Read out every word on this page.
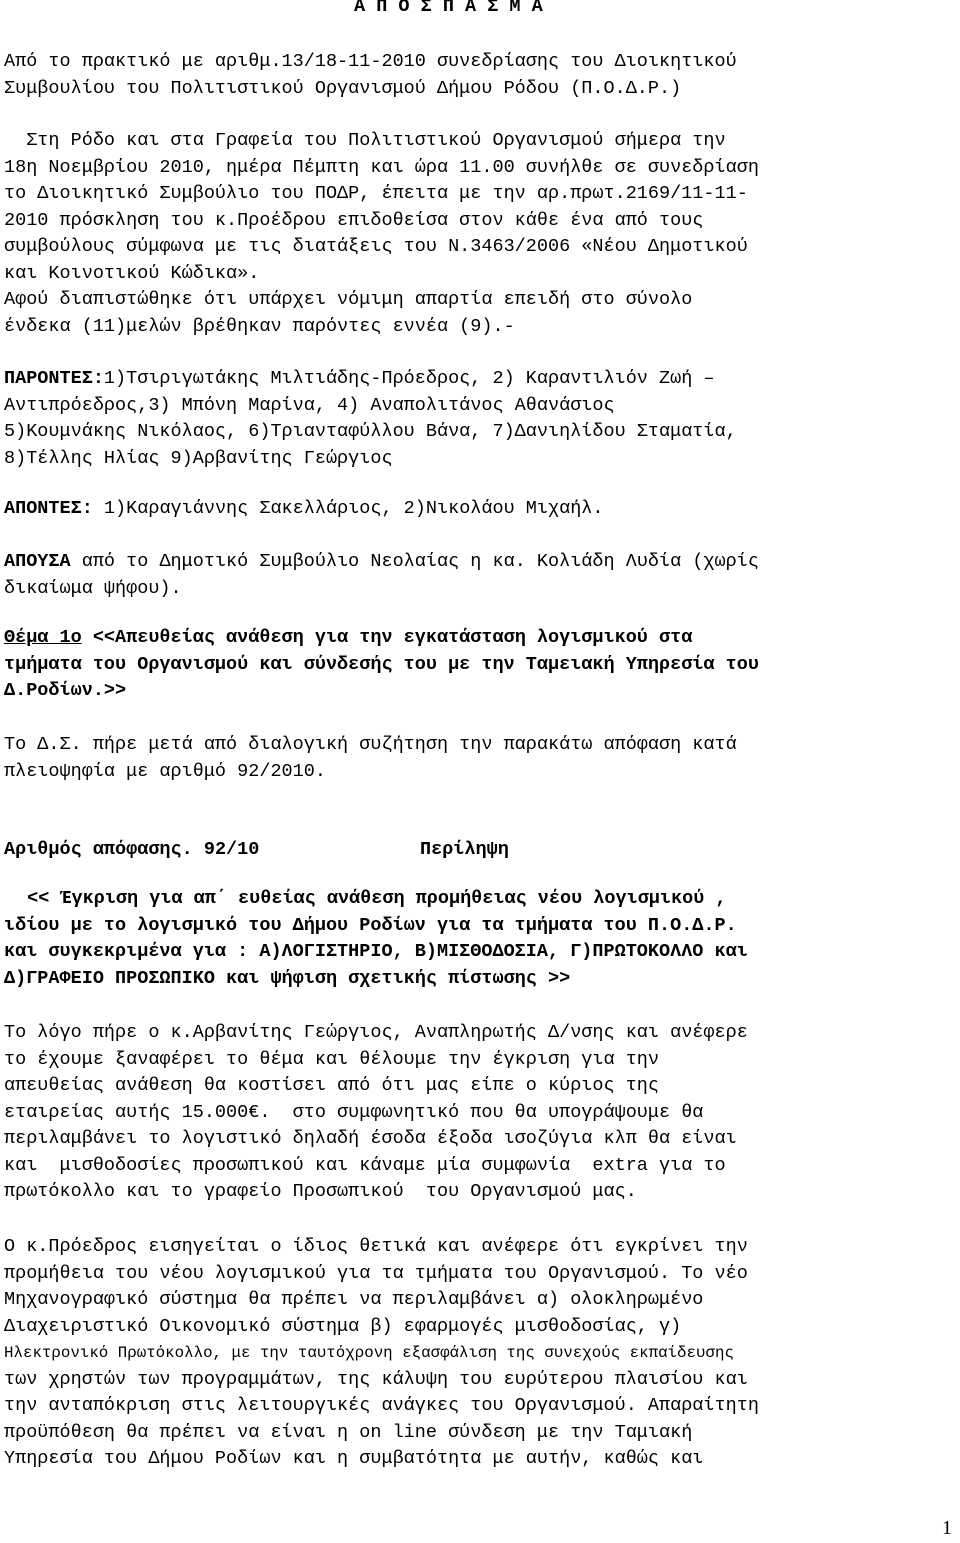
Α Π Ο Σ Π Α Σ Μ Α
Από το πρακτικό με αριθμ.13/18-11-2010 συνεδρίασης του Διοικητικού
Συμβουλίου του Πολιτιστικού Οργανισμού Δήμου Ρόδου (Π.Ο.Δ.Ρ.)
Στη Ρόδο και στα Γραφεία του Πολιτιστικού Οργανισμού σήμερα την
18η Νοεμβρίου 2010, ημέρα Πέμπτη και ώρα 11.00 συνήλθε σε συνεδρίαση
το Διοικητικό Συμβούλιο του ΠΟΔΡ, έπειτα με την αρ.πρωτ.2169/11-11-
2010 πρόσκληση του κ.Προέδρου επιδοθείσα στον κάθε ένα από τους
συμβούλους σύμφωνα με τις διατάξεις του Ν.3463/2006 «Νέου Δημοτικού
και Κοινοτικού Κώδικα».
Αφού διαπιστώθηκε ότι υπάρχει νόμιμη απαρτία επειδή στο σύνολο
ένδεκα (11)μελών βρέθηκαν παρόντες εννέα (9).-
ΠΑΡΟΝΤΕΣ:1)Τσιριγωτάκης Μιλτιάδης-Πρόεδρος, 2) Καραντιλιόν Ζωή –
Αντιπρόεδρος,3) Μπόνη Μαρίνα, 4) Αναπολιτάνος Αθανάσιος
5)Κουμνάκης Νικόλαος, 6)Τριανταφύλλου Βάνα, 7)Δανιηλίδου Σταματία,
8)Τέλλης Ηλίας 9)Αρβανίτης Γεώργιος
ΑΠΟΝΤΕΣ: 1)Καραγιάννης Σακελλάριος, 2)Νικολάου Μιχαήλ.
ΑΠΟΥΣΑ από το Δημοτικό Συμβούλιο Νεολαίας η κα. Κολιάδη Λυδία (χωρίς
δικαίωμα ψήφου).
Θέμα 1ο <<Απευθείας ανάθεση για την εγκατάσταση λογισμικού στα
τμήματα του Οργανισμού και σύνδεσής του με την Ταμειακή Υπηρεσία του
Δ.Ροδίων.>>
Το Δ.Σ. πήρε μετά από διαλογική συζήτηση την παρακάτω απόφαση κατά
πλειοψηφία με αριθμό 92/2010.
Αριθμός απόφασης. 92/10	Περίληψη
<< Έγκριση για απ΄ ευθείας ανάθεση προμήθειας νέου λογισμικού ,
ιδίου με το λογισμικό του Δήμου Ροδίων για τα τμήματα του Π.Ο.Δ.Ρ.
και συγκεκριμένα για : Α)ΛΟΓΙΣΤΗΡΙΟ, Β)ΜΙΣΘΟΔΟΣΙΑ, Γ)ΠΡΩΤΟΚΟΛΛΟ και
Δ)ΓΡΑΦΕΙΟ ΠΡΟΣΩΠΙΚΟ και ψήφιση σχετικής πίστωσης >>
Το λόγο πήρε ο κ.Αρβανίτης Γεώργιος, Αναπληρωτής Δ/νσης και ανέφερε
το έχουμε ξαναφέρει το θέμα και θέλουμε την έγκριση για την
απευθείας ανάθεση θα κοστίσει από ότι μας είπε ο κύριος της
εταιρείας αυτής 15.000€.  στο συμφωνητικό που θα υπογράψουμε θα
περιλαμβάνει το λογιστικό δηλαδή έσοδα έξοδα ισοζύγια κλπ θα είναι
και  μισθοδοσίες προσωπικού και κάναμε μία συμφωνία  extra για το
πρωτόκολλο και το γραφείο Προσωπικού  του Οργανισμού μας.
Ο κ.Πρόεδρος εισηγείται ο ίδιος θετικά και ανέφερε ότι εγκρίνει την
προμήθεια του νέου λογισμικού για τα τμήματα του Οργανισμού. Το νέο
Μηχανογραφικό σύστημα θα πρέπει να περιλαμβάνει α) ολοκληρωμένο
Διαχειριστικό Οικονομικό σύστημα β) εφαρμογές μισθοδοσίας, γ)
Ηλεκτρονικό Πρωτόκολλο, με την ταυτόχρονη εξασφάλιση της συνεχούς εκπαίδευσης
των χρηστών των προγραμμάτων, της κάλυψη του ευρύτερου πλαισίου και
την ανταπόκριση στις λειτουργικές ανάγκες του Οργανισμού. Απαραίτητη
προϋπόθεση θα πρέπει να είναι η on line σύνδεση με την Ταμιακή
Υπηρεσία του Δήμου Ροδίων και η συμβατότητα με αυτήν, καθώς και
1
